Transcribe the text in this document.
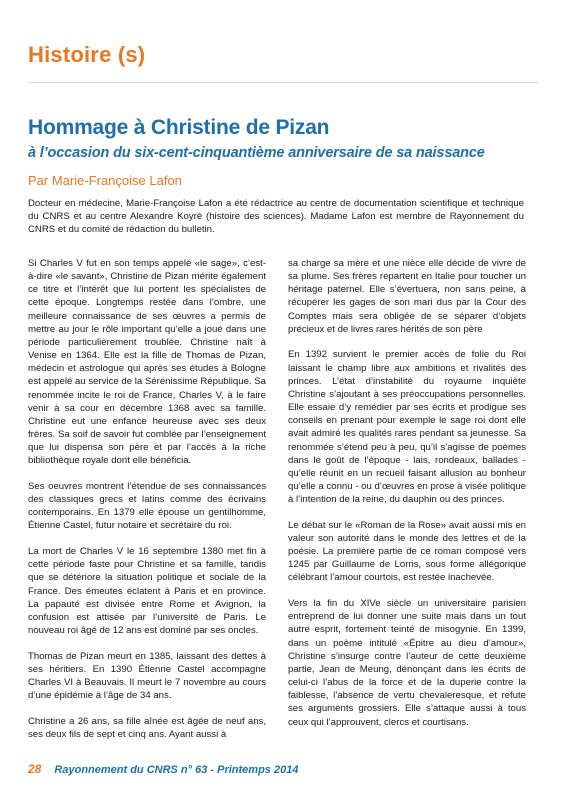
Histoire (s)
Hommage à Christine de Pizan
à l’occasion du six-cent-cinquantième anniversaire de sa naissance
Par Marie-Françoise Lafon
Docteur en médecine, Marie-Françoise Lafon a été rédactrice au centre de documentation scientifique et technique du CNRS et au centre Alexandre Koyré (histoire des sciences). Madame Lafon est membre de Rayonnement du CNRS et du comité de rédaction du bulletin.

Si Charles V fut en son temps appelé «le sage», c’est-à-dire «le savant», Christine de Pizan mérite également ce titre et l’intérêt que lui portent les spécialistes de cette époque. Longtemps restée dans l’ombre, une meilleure connaissance de ses œuvres a permis de mettre au jour le rôle important qu’elle a joué dans une période particulièrement troublée. Christine naît à Venise en 1364. Elle est la fille de Thomas de Pizan, médecin et astrologue qui après ses études à Bologne est appelé au service de la Sérénissime République. Sa renommée incite le roi de France, Charles V, à le faire venir à sa cour en décembre 1368 avec sa famille. Christine eut une enfance heureuse avec ses deux frères. Sa soif de savoir fut comblée par l’enseignement que lui dispensa son père et par l’accès à la riche bibliothèque royale dont elle bénéficia.

Ses oeuvres montrent l’étendue de ses connaissances des classiques grecs et latins comme des écrivains contemporains. En 1379 elle épouse un gentilhomme, Étienne Castel, futur notaire et secrétaire du roi.

La mort de Charles V le 16 septembre 1380 met fin à cette période faste pour Christine et sa famille, tandis que se détériore la situation politique et sociale de la France. Des émeutes éclatent à Paris et en province. La papauté est divisée entre Rome et Avignon, la confusion est attisée par l’université de Paris. Le nouveau roi âgé de 12 ans est dominé par ses oncles.

Thomas de Pizan meurt en 1385, laissant des dettes à ses héritiers. En 1390 Étienne Castel accompagne Charles VI à Beauvais. Il meurt le 7 novembre au cours d’une épidémie à l’âge de 34 ans.

Christine a 26 ans, sa fille aînée est âgée de neuf ans, ses deux fils de sept et cinq ans. Ayant aussi à

sa charge sa mère et une nièce elle décide de vivre de sa plume. Ses frères repartent en Italie pour toucher un héritage paternel. Elle s’évertuera, non sans peine, à récupérer les gages de son mari dus par la Cour des Comptes mais sera obligée de se séparer d’objets précieux et de livres rares hérités de son père

En 1392 survient le premier accès de folie du Roi laissant le champ libre aux ambitions et rivalités des princes. L’état d’instabilité du royaume inquiète Christine s’ajoutant à ses préoccupations personnelles. Elle essaie d’y remédier par ses écrits et prodigue ses conseils en prenant pour exemple le sage roi dont elle avait admiré les qualités rares pendant sa jeunesse. Sa renommée s’étend peu à peu, qu’il s’agisse de poèmes dans le goût de l’époque - lais, rondeaux, ballades - qu’elle réunit en un recueil faisant allusion au bonheur qu’elle a connu - ou d’œuvres en prose à visée politique à l’intention de la reine, du dauphin ou des princes.

Le débat sur le «Roman de la Rose» avait aussi mis en valeur son autorité dans le monde des lettres et de la poésie. La première partie de ce roman composé vers 1245 par Guillaume de Lorris, sous forme allégorique célébrant l’amour courtois, est restée inachevée.

Vers la fin du XIVe siècle un universitaire parisien entreprend de lui donner une suite mais dans un tout autre esprit, fortement teinté de misogynie. En 1399, dans un poème intitulé «Épitre au dieu d’amour», Christine s’insurge contre l’auteur de cette deuxième partie, Jean de Meung, dénonçant dans les écrits de celui-ci l’abus de la force et de la duperie contre la faiblesse, l’absence de vertu chevaleresque, et refute ses arguments grossiers. Elle s’attaque aussi à tous ceux qui l’approuvent, clercs et courtisans.

28 Rayonnement du CNRS n° 63 - Printemps 2014
